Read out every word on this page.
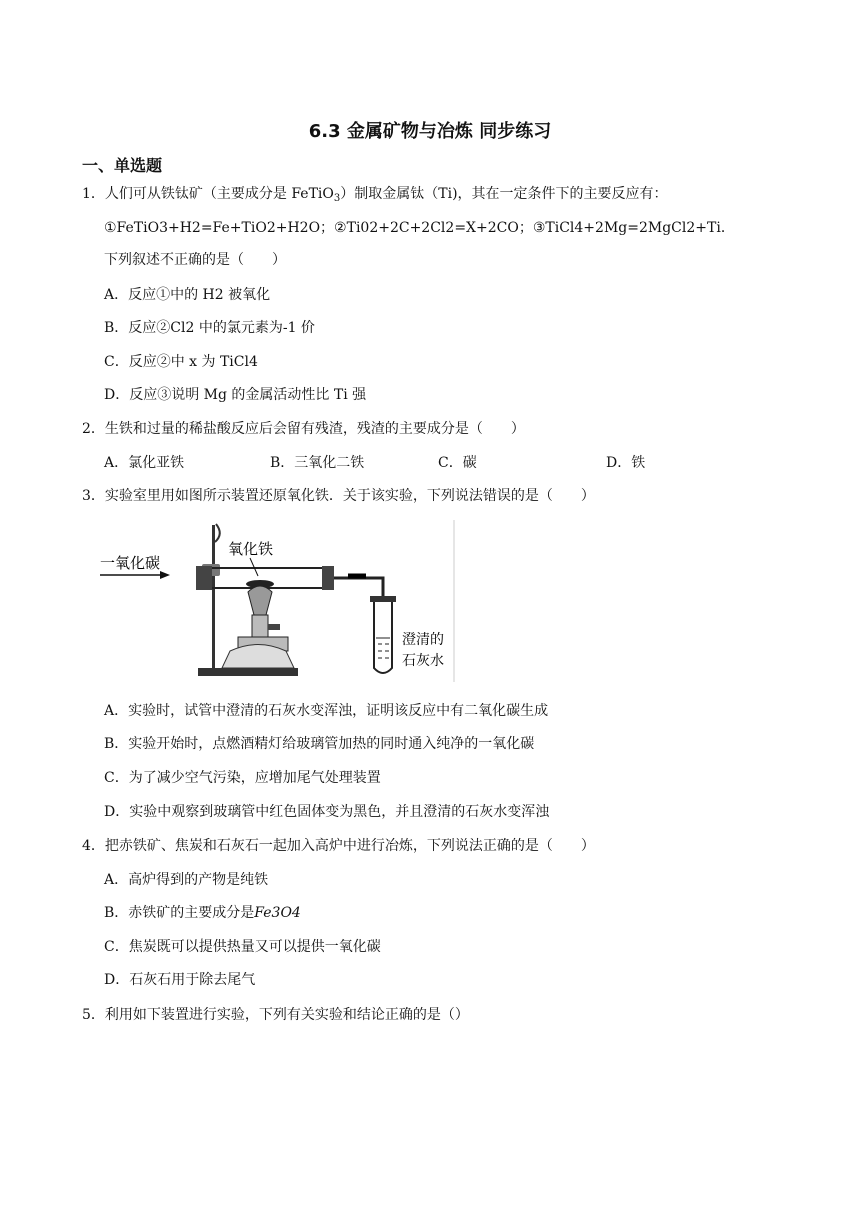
6.3 金属矿物与冶炼 同步练习
一、单选题
1．人们可从铁钛矿（主要成分是 FeTiO$_3$）制取金属钛（Ti)，其在一定条件下的主要反应有：
①FeTiO3+H2=Fe+TiO2+H2O；②Ti02+2C+2Cl2=X+2CO；③TiCl4+2Mg=2MgCl2+Ti．
下列叙述不正确的是（　　）
A．反应①中的 H2 被氧化
B．反应②Cl2 中的氯元素为-1 价
C．反应②中 x 为 TiCl4
D．反应③说明 Mg 的金属活动性比 Ti 强
2．生铁和过量的稀盐酸反应后会留有残渣，残渣的主要成分是（　　）
A．氯化亚铁	B．三氧化二铁	C．碳	D．铁
3．实验室里用如图所示装置还原氧化铁．关于该实验，下列说法错误的是（　　）
一氧化碳
氧化铁
澄清的
石灰水
A．实验时，试管中澄清的石灰水变浑浊，证明该反应中有二氧化碳生成
B．实验开始时，点燃酒精灯给玻璃管加热的同时通入纯净的一氧化碳
C．为了减少空气污染，应增加尾气处理装置
D．实验中观察到玻璃管中红色固体变为黑色，并且澄清的石灰水变浑浊
4．把赤铁矿、焦炭和石灰石一起加入高炉中进行冶炼，下列说法正确的是（　　）
A．高炉得到的产物是纯铁
B．赤铁矿的主要成分是Fe3O4
C．焦炭既可以提供热量又可以提供一氧化碳
D．石灰石用于除去尾气
5．利用如下装置进行实验，下列有关实验和结论正确的是（）
